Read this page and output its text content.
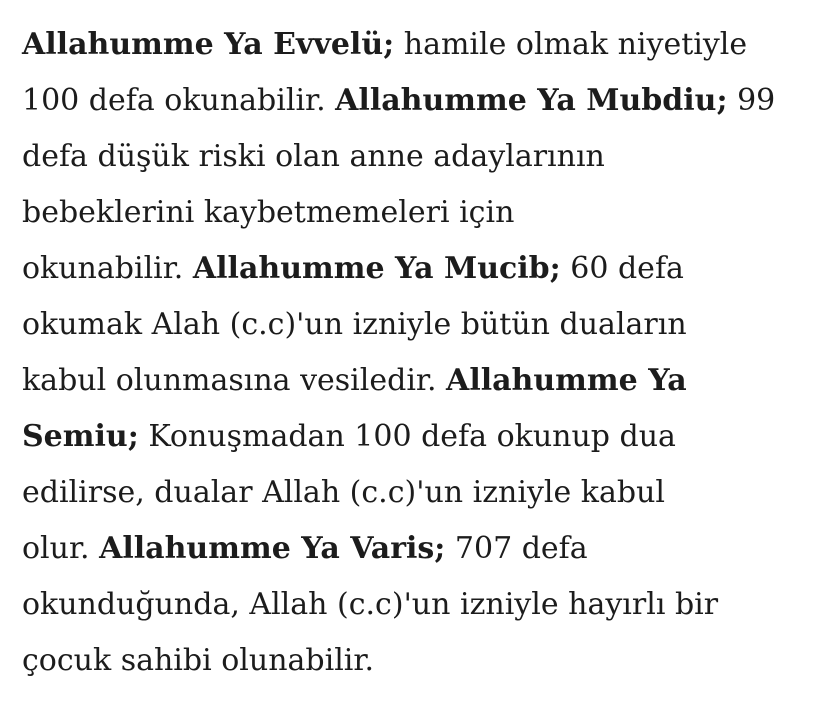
Allahumme Ya Evvelü; hamile olmak niyetiyle
100 defa okunabilir. Allahumme Ya Mubdiu; 99
defa düşük riski olan anne adaylarının
bebeklerini kaybetmemeleri için
okunabilir. Allahumme Ya Mucib; 60 defa
okumak Alah (c.c)'un izniyle bütün duaların
kabul olunmasına vesiledir. Allahumme Ya
Semiu; Konuşmadan 100 defa okunup dua
edilirse, dualar Allah (c.c)'un izniyle kabul
olur. Allahumme Ya Varis; 707 defa
okunduğunda, Allah (c.c)'un izniyle hayırlı bir
çocuk sahibi olunabilir.
